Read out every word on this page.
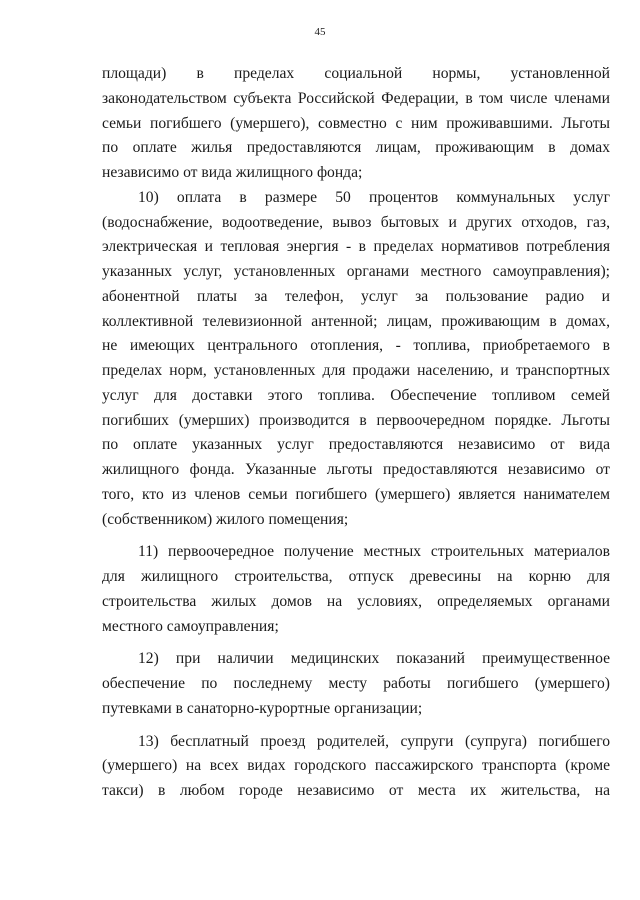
45
площади) в пределах социальной нормы, установленной
законодательством субъекта Российской Федерации, в том числе членами
семьи погибшего (умершего), совместно с ним проживавшими. Льготы
по оплате жилья предоставляются лицам, проживающим в домах
независимо от вида жилищного фонда;
10) оплата в размере 50 процентов коммунальных услуг
(водоснабжение, водоотведение, вывоз бытовых и других отходов, газ,
электрическая и тепловая энергия - в пределах нормативов потребления
указанных услуг, установленных органами местного самоуправления);
абонентной платы за телефон, услуг за пользование радио и
коллективной телевизионной антенной; лицам, проживающим в домах,
не имеющих центрального отопления, - топлива, приобретаемого в
пределах норм, установленных для продажи населению, и транспортных
услуг для доставки этого топлива. Обеспечение топливом семей
погибших (умерших) производится в первоочередном порядке. Льготы
по оплате указанных услуг предоставляются независимо от вида
жилищного фонда. Указанные льготы предоставляются независимо от
того, кто из членов семьи погибшего (умершего) является нанимателем
(собственником) жилого помещения;
11) первоочередное получение местных строительных материалов
для жилищного строительства, отпуск древесины на корню для
строительства жилых домов на условиях, определяемых органами
местного самоуправления;
12) при наличии медицинских показаний преимущественное
обеспечение по последнему месту работы погибшего (умершего)
путевками в санаторно-курортные организации;
13) бесплатный проезд родителей, супруги (супруга) погибшего
(умершего) на всех видах городского пассажирского транспорта (кроме
такси) в любом городе независимо от места их жительства, на
